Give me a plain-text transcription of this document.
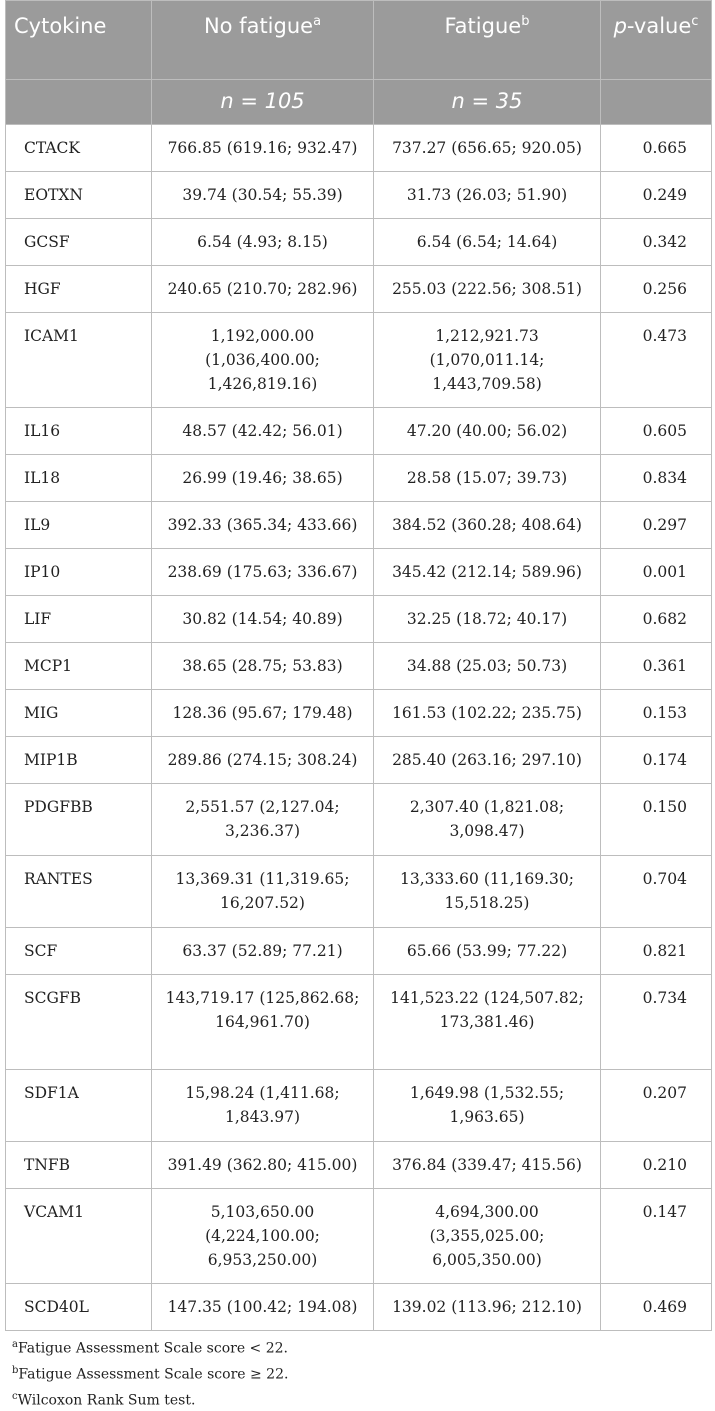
Cytokine	No fatigue$^a$	Fatigue$^b$	p-value$^c$
	n = 105	n = 35	
CTACK	766.85 (619.16; 932.47)	737.27 (656.65; 920.05)	0.665
EOTXN	39.74 (30.54; 55.39)	31.73 (26.03; 51.90)	0.249
GCSF	6.54 (4.93; 8.15)	6.54 (6.54; 14.64)	0.342
HGF	240.65 (210.70; 282.96)	255.03 (222.56; 308.51)	0.256
ICAM1	1,192,000.00 (1,036,400.00; 1,426,819.16)	1,212,921.73 (1,070,011.14; 1,443,709.58)	0.473
IL16	48.57 (42.42; 56.01)	47.20 (40.00; 56.02)	0.605
IL18	26.99 (19.46; 38.65)	28.58 (15.07; 39.73)	0.834
IL9	392.33 (365.34; 433.66)	384.52 (360.28; 408.64)	0.297
IP10	238.69 (175.63; 336.67)	345.42 (212.14; 589.96)	0.001
LIF	30.82 (14.54; 40.89)	32.25 (18.72; 40.17)	0.682
MCP1	38.65 (28.75; 53.83)	34.88 (25.03; 50.73)	0.361
MIG	128.36 (95.67; 179.48)	161.53 (102.22; 235.75)	0.153
MIP1B	289.86 (274.15; 308.24)	285.40 (263.16; 297.10)	0.174
PDGFBB	2,551.57 (2,127.04; 3,236.37)	2,307.40 (1,821.08; 3,098.47)	0.150
RANTES	13,369.31 (11,319.65; 16,207.52)	13,333.60 (11,169.30; 15,518.25)	0.704
SCF	63.37 (52.89; 77.21)	65.66 (53.99; 77.22)	0.821
SCGFB	143,719.17 (125,862.68; 164,961.70)	141,523.22 (124,507.82; 173,381.46)	0.734
SDF1A	15,98.24 (1,411.68; 1,843.97)	1,649.98 (1,532.55; 1,963.65)	0.207
TNFB	391.49 (362.80; 415.00)	376.84 (339.47; 415.56)	0.210
VCAM1	5,103,650.00 (4,224,100.00; 6,953,250.00)	4,694,300.00 (3,355,025.00; 6,005,350.00)	0.147
SCD40L	147.35 (100.42; 194.08)	139.02 (113.96; 212.10)	0.469
$^a$Fatigue Assessment Scale score < 22.
$^b$Fatigue Assessment Scale score ≥ 22.
$^c$Wilcoxon Rank Sum test.
